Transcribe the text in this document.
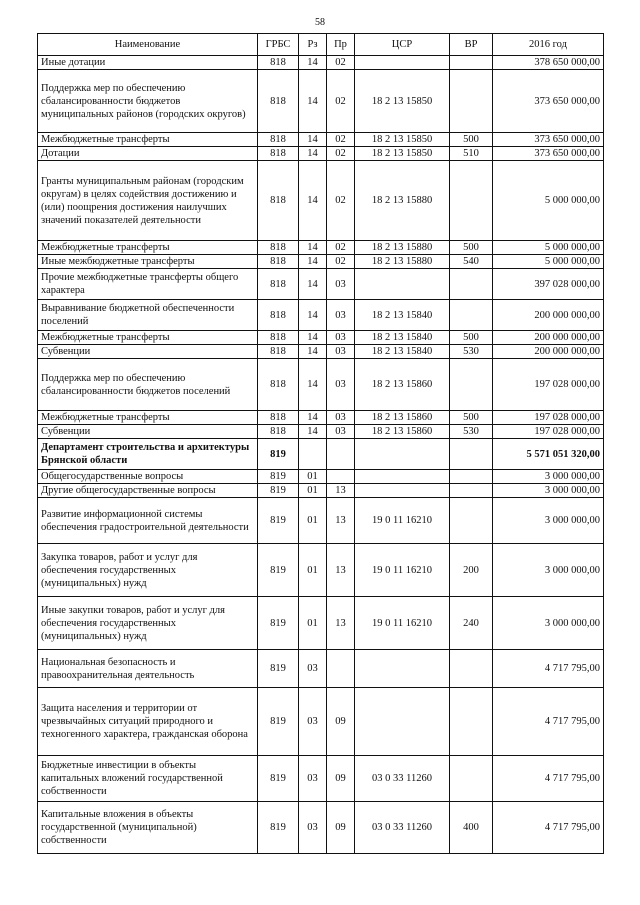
58
Наименование	ГРБС	Рз	Пр	ЦСР	ВР	2016 год
Иные дотации	818	14	02			378 650 000,00
Поддержка мер по обеспечению сбалансированности бюджетов муниципальных районов (городских округов)	818	14	02	18 2 13 15850		373 650 000,00
Межбюджетные трансферты	818	14	02	18 2 13 15850	500	373 650 000,00
Дотации	818	14	02	18 2 13 15850	510	373 650 000,00
Гранты муниципальным районам (городским округам) в целях содействия достижению и (или) поощрения достижения наилучших значений показателей деятельности	818	14	02	18 2 13 15880		5 000 000,00
Межбюджетные трансферты	818	14	02	18 2 13 15880	500	5 000 000,00
Иные межбюджетные трансферты	818	14	02	18 2 13 15880	540	5 000 000,00
Прочие межбюджетные трансферты общего характера	818	14	03			397 028 000,00
Выравнивание бюджетной обеспеченности поселений	818	14	03	18 2 13 15840		200 000 000,00
Межбюджетные трансферты	818	14	03	18 2 13 15840	500	200 000 000,00
Субвенции	818	14	03	18 2 13 15840	530	200 000 000,00
Поддержка мер по обеспечению сбалансированности бюджетов поселений	818	14	03	18 2 13 15860		197 028 000,00
Межбюджетные трансферты	818	14	03	18 2 13 15860	500	197 028 000,00
Субвенции	818	14	03	18 2 13 15860	530	197 028 000,00
Департамент строительства и архитектуры Брянской области	819					5 571 051 320,00
Общегосударственные вопросы	819	01				3 000 000,00
Другие общегосударственные вопросы	819	01	13			3 000 000,00
Развитие информационной системы обеспечения градостроительной деятельности	819	01	13	19 0 11 16210		3 000 000,00
Закупка товаров, работ и услуг для обеспечения государственных (муниципальных) нужд	819	01	13	19 0 11 16210	200	3 000 000,00
Иные закупки товаров, работ и услуг для обеспечения государственных (муниципальных) нужд	819	01	13	19 0 11 16210	240	3 000 000,00
Национальная безопасность и правоохранительная деятельность	819	03				4 717 795,00
Защита населения и территории от чрезвычайных ситуаций природного и техногенного характера, гражданская оборона	819	03	09			4 717 795,00
Бюджетные инвестиции в объекты капитальных вложений государственной собственности	819	03	09	03 0 33 11260		4 717 795,00
Капитальные вложения в объекты государственной (муниципальной) собственности	819	03	09	03 0 33 11260	400	4 717 795,00
